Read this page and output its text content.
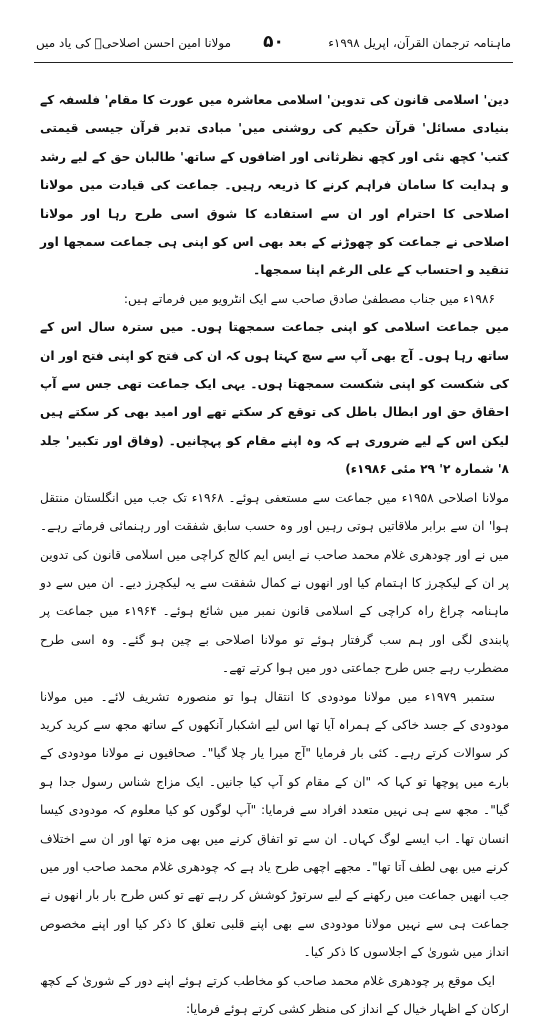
ماہنامہ ترجمان القرآن، اپریل ۱۹۹۸ء
۵۰
مولانا امین احسن اصلاحیؒ کی یاد میں

دین' اسلامی قانون کی تدوین' اسلامی معاشرہ میں عورت کا مقام' فلسفہ کے بنیادی مسائل' قرآن حکیم کی روشنی میں' مبادی تدبر قرآن جیسی قیمتی کتب' کچھ نئی اور کچھ نظرثانی اور اضافوں کے ساتھ' طالبان حق کے لیے رشد و ہدایت کا سامان فراہم کرنے کا ذریعہ رہیں۔ جماعت کی قیادت میں مولانا اصلاحی کا احترام اور ان سے استفادے کا شوق اسی طرح رہا اور مولانا اصلاحی نے جماعت کو چھوڑنے کے بعد بھی اس کو اپنی ہی جماعت سمجھا اور تنقید و احتساب کے علی الرغم اپنا سمجھا۔

۱۹۸۶ء میں جناب مصطفیٰ صادق صاحب سے ایک انٹرویو میں فرماتے ہیں:

میں جماعت اسلامی کو اپنی جماعت سمجھتا ہوں۔ میں سترہ سال اس کے ساتھ رہا ہوں۔ آج بھی آپ سے سچ کہتا ہوں کہ ان کی فتح کو اپنی فتح اور ان کی شکست کو اپنی شکست سمجھتا ہوں۔ یہی ایک جماعت تھی جس سے آپ احقاق حق اور ابطال باطل کی توقع کر سکتے تھے اور امید بھی کر سکتے ہیں لیکن اس کے لیے ضروری ہے کہ وہ اپنے مقام کو پہچانیں۔ (وفاق اور تکبیر' جلد ۸' شمارہ ۲' ۲۹ مئی ۱۹۸۶ء)

مولانا اصلاحی ۱۹۵۸ء میں جماعت سے مستعفی ہوئے۔ ۱۹۶۸ء تک جب میں انگلستان منتقل ہوا' ان سے برابر ملاقاتیں ہوتی رہیں اور وہ حسب سابق شفقت اور رہنمائی فرماتے رہے۔ میں نے اور چودھری غلام محمد صاحب نے ایس ایم کالج کراچی میں اسلامی قانون کی تدوین پر ان کے لیکچرز کا اہتمام کیا اور انھوں نے کمال شفقت سے یہ لیکچرز دیے۔ ان میں سے دو ماہنامہ چراغ راہ کراچی کے اسلامی قانون نمبر میں شائع ہوئے۔ ۱۹۶۴ء میں جماعت پر پابندی لگی اور ہم سب گرفتار ہوئے تو مولانا اصلاحی بے چین ہو گئے۔ وہ اسی طرح مضطرب رہے جس طرح جماعتی دور میں ہوا کرتے تھے۔

ستمبر ۱۹۷۹ء میں مولانا مودودی کا انتقال ہوا تو منصورہ تشریف لائے۔ میں مولانا مودودی کے جسد خاکی کے ہمراہ آیا تھا اس لیے اشکبار آنکھوں کے ساتھ مجھ سے کرید کرید کر سوالات کرتے رہے۔ کئی بار فرمایا "آج میرا یار چلا گیا"۔ صحافیوں نے مولانا مودودی کے بارے میں پوچھا تو کہا کہ "ان کے مقام کو آپ کیا جانیں۔ ایک مزاج شناس رسول جدا ہو گیا"۔ مجھ سے ہی نہیں متعدد افراد سے فرمایا: "آپ لوگوں کو کیا معلوم کہ مودودی کیسا انسان تھا۔ اب ایسے لوگ کہاں۔ ان سے تو اتفاق کرنے میں بھی مزہ تھا اور ان سے اختلاف کرنے میں بھی لطف آتا تھا"۔ مجھے اچھی طرح یاد ہے کہ چودھری غلام محمد صاحب اور میں جب انھیں جماعت میں رکھنے کے لیے سرتوڑ کوشش کر رہے تھے تو کس طرح بار بار انھوں نے جماعت ہی سے نہیں مولانا مودودی سے بھی اپنے قلبی تعلق کا ذکر کیا اور اپنے مخصوص انداز میں شوریٰ کے اجلاسوں کا ذکر کیا۔

ایک موقع پر چودھری غلام محمد صاحب کو مخاطب کرتے ہوئے اپنے دور کے شوریٰ کے کچھ ارکان کے اظہار خیال کے انداز کی منظر کشی کرتے ہوئے فرمایا:
